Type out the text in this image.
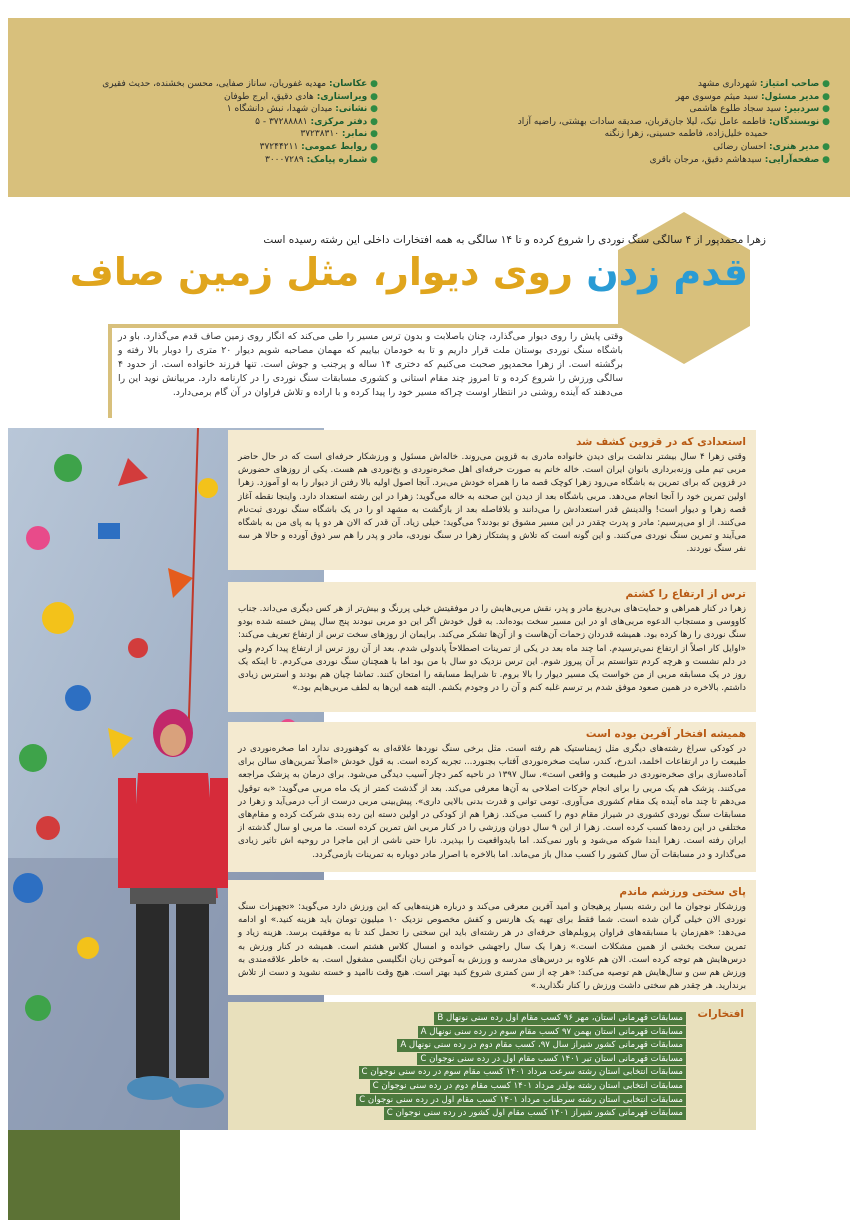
● صاحب امتیاز: شهرداری مشهد
● مدیر مسئول: سید میثم موسوی مهر
● سردبیر: سید سجاد طلوع هاشمی
● نویسندگان: فاطمه عامل نیک، لیلا جان‌قربان، صدیقه سادات بهشتی، راضیه آزاد
حمیده خلیل‌زاده، فاطمه حسینی، زهرا زنگنه
● مدیر هنری: احسان رضائی
● صفحه‌آرایی: سیدهاشم دقیق، مرجان باقری
● عکاسان: مهدیه غفوریان، ساناز صفایی، محسن بخشنده، حدیث فقیری
● ویراستاری: هادی دقیق، ایرج طوفان
● نشانی: میدان شهدا، نبش دانشگاه ۱
● دفتر مرکزی: ۳۷۲۸۸۸۸۱ - ۵
● نمابر: ۳۷۲۳۸۳۱۰
● روابط عمومی: ۳۷۲۴۴۲۱۱
● شماره پیامک: ۳۰۰۰۷۲۸۹
زهرا محمدپور از ۴ سالگی سنگ نوردی را شروع کرده و تا ۱۴ سالگی به همه افتخارات داخلی این رشته رسیده است
قدم زدن روی دیوار، مثل زمین صاف
وقتی پایش را روی دیوار می‌گذارد، چنان باصلابت و بدون ترس مسیر را طی می‌کند که انگار روی زمین صاف قدم می‌گذارد. باو در باشگاه سنگ نوردی بوستان ملت قرار داریم و تا به خودمان بیاییم که مهمان مصاحبه شویم دیوار ۲۰ متری را دوبار بالا رفته و برگشته است. از زهرا محمدپور صحبت می‌کنیم که دختری ۱۴ ساله و پرجنب و جوش است. تنها فرزند خانواده است. از حدود ۴ سالگی ورزش را شروع کرده و تا امروز چند مقام استانی و کشوری مسابقات سنگ نوردی را در کارنامه دارد. مربیانش نوید این را می‌دهند که آینده روشنی در انتظار اوست چراکه مسیر خود را پیدا کرده و با اراده و تلاش فراوان در آن گام برمی‌دارد.
استعدادی که در قزوین کشف شد

وقتی زهرا ۴ سال بیشتر نداشت برای دیدن خانواده مادری به قزوین می‌روند. خاله‌اش مسئول و ورزشکار حرفه‌ای است که در حال حاضر مربی تیم ملی وزنه‌برداری بانوان ایران است. خاله خانم به صورت حرفه‌ای اهل صخره‌نوردی و یخ‌نوردی هم هست. یکی از روزهای حضورش در قزوین که برای تمرین به باشگاه می‌رود زهرا کوچک قصه ما را همراه خودش می‌برد. آنجا اصول اولیه بالا رفتن از دیوار را به او آموزد. زهرا اولین تمرین خود را آنجا انجام می‌دهد. مربی باشگاه بعد از دیدن این صحنه به خاله می‌گوید: زهرا در این رشته استعداد دارد. واینجا نقطه آغاز قصه زهرا و دیوار است! والدینش قدر استعدادش را می‌دانند و بلافاصله بعد از بازگشت به مشهد او را در یک باشگاه سنگ نوردی ثبت‌نام می‌کنند. از او می‌پرسیم: مادر و پدرت چقدر در این مسیر مشوق تو بودند؟ می‌گوید: خیلی زیاد. آن قدر که الان هر دو پا به پای من به باشگاه می‌آیند و تمرین سنگ نوردی می‌کنند. و این گونه است که تلاش و پشتکار زهرا در سنگ نوردی، مادر و پدر را هم سر ذوق آورده و حالا هر سه نفر سنگ نوردند.

ترس از ارتفاع را کشتم

زهرا در کنار همراهی و حمایت‌های بی‌دریغ مادر و پدر، نقش مربی‌هایش را در موفقیتش خیلی پررنگ و بیش‌تر از هر کس دیگری می‌داند. جناب کاووسی و مستجاب الدعوه مربی‌های او در این مسیر سخت بوده‌اند. به قول خودش اگر این دو مربی نبودند پنج سال پیش خسته شده بودو سنگ نوردی را رها کرده بود. همیشه قدردان زحمات آن‌هاست و از آن‌ها تشکر می‌کند. برایمان از روزهای سخت ترس از ارتفاع تعریف می‌کند: «اوایل کار اصلاً از ارتفاع نمی‌ترسیدم. اما چند ماه بعد در یکی از تمرینات اصطلاحاً پاندولی شدم. بعد از آن روز ترس از ارتفاع پیدا کردم ولی در دلم نشست و هرچه کردم نتوانستم بر آن پیروز شوم. این ترس نزدیک دو سال با من بود اما با همچنان سنگ نوردی می‌کردم. تا اینکه یک روز در یک مسابقه مربی از من خواست یک مسیر دیوار را بالا بروم. تا شرایط مسابقه را امتحان کنند. تماشا چیان هم بودند و استرس زیادی داشتم. بالاخره در همین صعود موفق شدم بر ترسم غلبه کنم و آن را در وجودم بکشم. البته همه این‌ها به لطف مربی‌هایم بود.»

همیشه افتخار آفرین بوده است

در کودکی سراغ رشته‌های دیگری مثل ژیمناستیک هم رفته است. مثل برخی سنگ نوردها علاقه‌ای به کوهنوردی ندارد اما صخره‌نوردی در طبیعت را در ارتفاعات اخلمد، اندرخ، کندر، سایت صخره‌نوردی آفتاب بجنورد... تجربه کرده است. به قول خودش «اصلاً تمرین‌های سالن برای آماده‌سازی برای صخره‌نوردی در طبیعت و واقعی است». سال ۱۳۹۷ در ناحیه کمر دچار آسیب دیدگی می‌شود. برای درمان به پزشک مراجعه می‌کنند. پزشک هم یک مربی را برای انجام حرکات اصلاحی به آن‌ها معرفی می‌کند. بعد از گذشت کمتر از یک ماه مربی می‌گوید: «به توقول می‌دهم تا چند ماه آینده یک مقام کشوری می‌آوری. تومی توانی و قدرت بدنی بالایی داری». پیش‌بینی مربی درست از آب درمی‌آید و زهرا در مسابقات سنگ نوردی کشوری در شیراز مقام دوم را کسب می‌کند. زهرا هم از کودکی در اولین دسته این رده بندی شرکت کرده و مقام‌های مختلفی در این رده‌ها کسب کرده است. زهرا از این ۹ سال دوران ورزشی را در کنار مربی اش تمرین کرده است. ما مربی او سال گذشته از ایران رفته است. زهرا ابتدا شوکه می‌شود و باور نمی‌کند. اما بایدواقعیت را بپذیرد. نارا حتی ناشی از این ماجرا در روحیه اش تاثیر زیادی می‌گذارد و در مسابقات آن سال کشور را کسب مدال باز می‌ماند. اما بالاخره با اصرار مادر دوباره به تمرینات بازمی‌گردد.

پای سختی ورزشم ماندم

ورزشکار نوجوان ما این رشته بسیار پرهیجان و امید آفرین معرفی می‌کند و درباره هزینه‌هایی که این ورزش دارد می‌گوید: «تجهیزات سنگ نوردی الان خیلی گران شده است. شما فقط برای تهیه یک هارنس و کفش مخصوص نزدیک ۱۰ میلیون تومان باید هزینه کنید.» او ادامه می‌دهد: «هم‌زمان با مسابقه‌های فراوان پروبلم‌های حرفه‌ای در هر رشته‌ای باید این سختی را تحمل کند تا به موفقیت برسد. هزینه زیاد و تمرین سخت بخشی از همین مشکلات است.» زهرا یک سال راجهشی خوانده و امسال کلاس هشتم است. همیشه در کنار ورزش به درس‌هایش هم توجه کرده است. الان هم علاوه بر درس‌های مدرسه و ورزش به آموختن زبان انگلیسی مشغول است. به خاطر علاقه‌مندی به ورزش هم سن و سال‌هایش هم توصیه می‌کند: «هر چه از سن کمتری شروع کنید بهتر است. هیچ وقت ناامید و خسته نشوید و دست از تلاش برندارید. هر چقدر هم سختی داشت ورزش را کنار نگذارید.»

افتخارات
مسابقات قهرمانی استان، مهر ۹۶ کسب مقام اول رده سنی نونهال B
مسابقات قهرمانی استان بهمن ۹۷ کسب مقام سوم در رده سنی نونهال A
مسابقات قهرمانی کشور شیراز سال ۹۷، کسب مقام دوم در رده سنی نونهال A
مسابقات قهرمانی استان تیر ۱۴۰۱ کسب مقام اول در رده سنی نوجوان C
مسابقات انتخابی استان رشته سرعت مرداد ۱۴۰۱ کسب مقام سوم در رده سنی نوجوان C
مسابقات انتخابی استان رشته بولدر مرداد ۱۴۰۱ کسب مقام دوم در رده سنی نوجوان C
مسابقات انتخابی استان رشته سرطناب مرداد ۱۴۰۱ کسب مقام اول در رده سنی نوجوان C
مسابقات قهرمانی کشور شیراز ۱۴۰۱ کسب مقام اول کشور در رده سنی نوجوان C
